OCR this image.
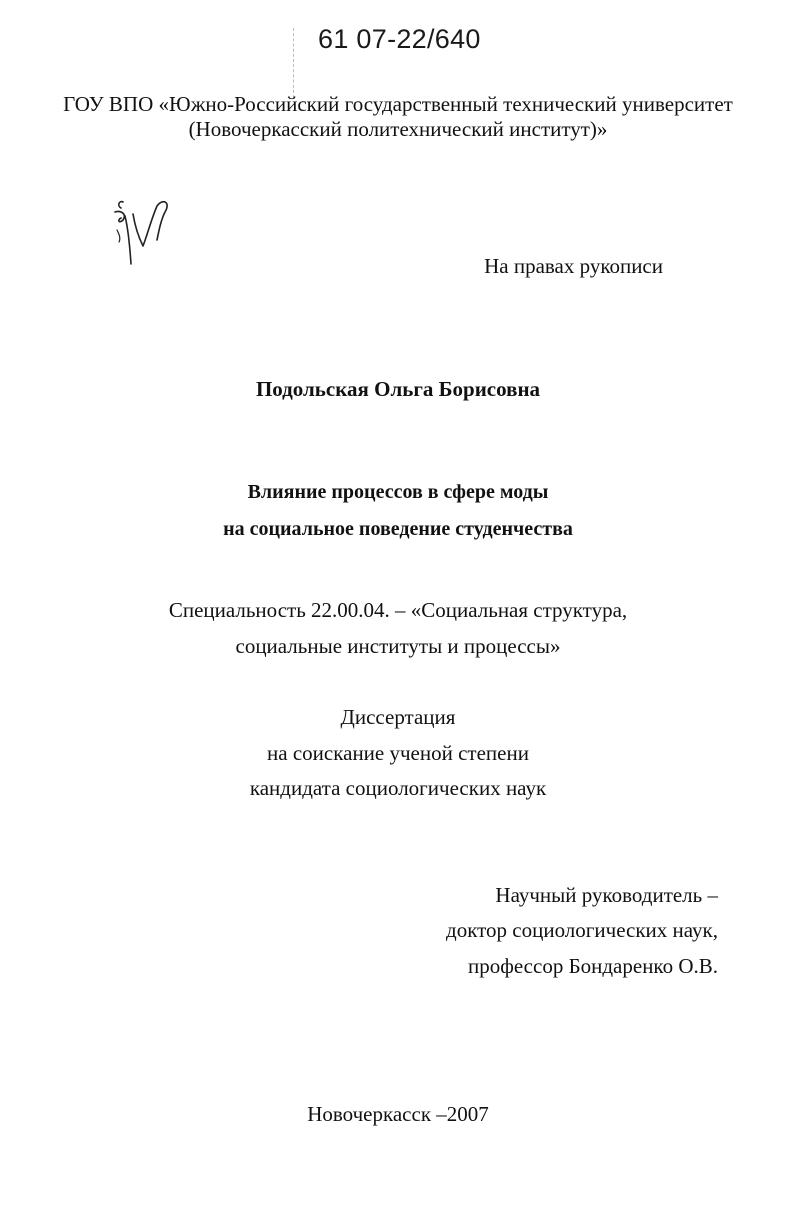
61 07-22/640

ГОУ ВПО «Южно-Российский государственный технический университет

(Новочеркасский политехнический институт)»

На правах рукописи

Подольская Ольга Борисовна

Влияние процессов в сфере моды

на социальное поведение студенчества

Специальность 22.00.04. – «Социальная структура,

социальные институты и процессы»

Диссертация

на соискание ученой степени

кандидата социологических наук

Научный руководитель –

доктор социологических наук,

профессор Бондаренко О.В.

Новочеркасск –2007
